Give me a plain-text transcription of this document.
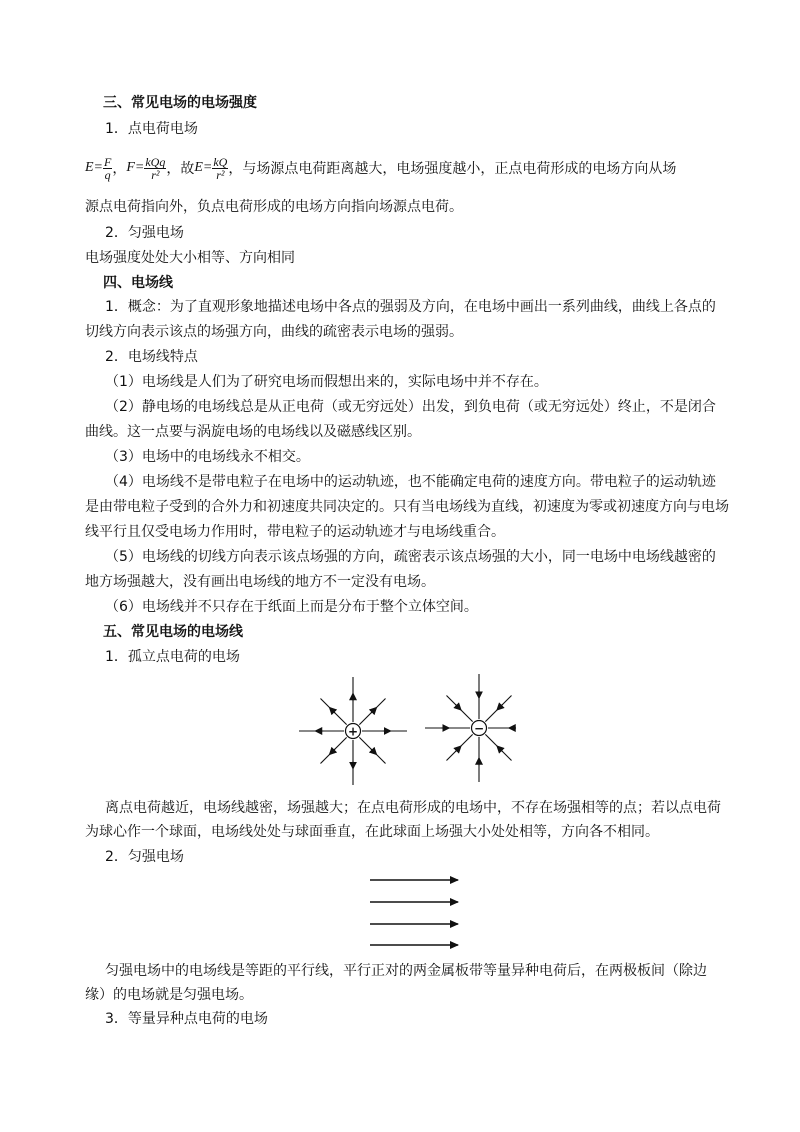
三、常见电场的电场强度
1．点电荷电场
$E= \frac{F}{q}$ ， $F= \frac{\text{kQq}}{\text{r²}}$ ，故 $E= \frac{kQ}{\text{r²}}$ ，与场源点电荷距离越大，电场强度越小，正点电荷形成的电场方向从场
源点电荷指向外，负点电荷形成的电场方向指向场源点电荷。
2．匀强电场
电场强度处处大小相等、方向相同
四、电场线
1．概念：为了直观形象地描述电场中各点的强弱及方向，在电场中画出一系列曲线，曲线上各点的
切线方向表示该点的场强方向，曲线的疏密表示电场的强弱。
2．电场线特点
（1）电场线是人们为了研究电场而假想出来的，实际电场中并不存在。
（2）静电场的电场线总是从正电荷（或无穷远处）出发，到负电荷（或无穷远处）终止，不是闭合
曲线。这一点要与涡旋电场的电场线以及磁感线区别。
（3）电场中的电场线永不相交。
（4）电场线不是带电粒子在电场中的运动轨迹，也不能确定电荷的速度方向。带电粒子的运动轨迹
是由带电粒子受到的合外力和初速度共同决定的。只有当电场线为直线，初速度为零或初速度方向与电场
线平行且仅受电场力作用时，带电粒子的运动轨迹才与电场线重合。
（5）电场线的切线方向表示该点场强的方向，疏密表示该点场强的大小，同一电场中电场线越密的
地方场强越大，没有画出电场线的地方不一定没有电场。
（6）电场线并不只存在于纸面上而是分布于整个立体空间。
五、常见电场的电场线
1．孤立点电荷的电场
+	−
离点电荷越近，电场线越密，场强越大；在点电荷形成的电场中，不存在场强相等的点；若以点电荷
为球心作一个球面，电场线处处与球面垂直，在此球面上场强大小处处相等，方向各不相同。
2．匀强电场
匀强电场中的电场线是等距的平行线，平行正对的两金属板带等量异种电荷后，在两极板间（除边
缘）的电场就是匀强电场。
3．等量异种点电荷的电场
